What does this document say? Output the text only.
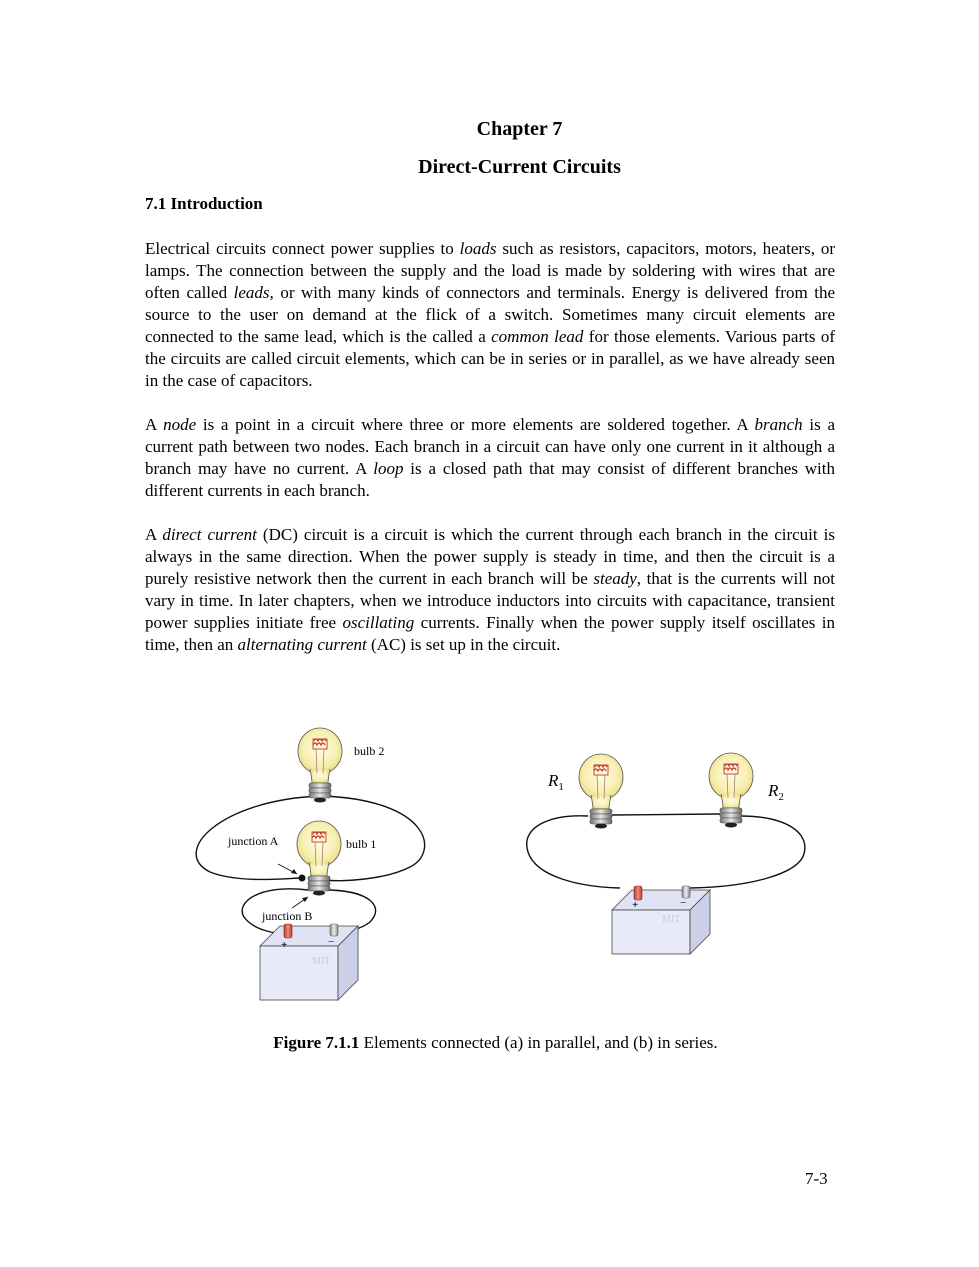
Chapter 7
Direct-Current Circuits
7.1 Introduction

Electrical circuits connect power supplies to loads such as resistors, capacitors, motors, heaters, or lamps. The connection between the supply and the load is made by soldering with wires that are often called leads, or with many kinds of connectors and terminals. Energy is delivered from the source to the user on demand at the flick of a switch. Sometimes many circuit elements are connected to the same lead, which is the called a common lead for those elements. Various parts of the circuits are called circuit elements, which can be in series or in parallel, as we have already seen in the case of capacitors.

A node is a point in a circuit where three or more elements are soldered together. A branch is a current path between two nodes. Each branch in a circuit can have only one current in it although a branch may have no current. A loop is a closed path that may consist of different branches with different currents in each branch.

A direct current (DC) circuit is a circuit is which the current through each branch in the circuit is always in the same direction. When the power supply is steady in time, and then the circuit is a purely resistive network then the current in each branch will be steady, that is the currents will not vary in time. In later chapters, when we introduce inductors into circuits with capacitance, transient power supplies initiate free oscillating currents. Finally when the power supply itself oscillates in time, then an alternating current (AC) is set up in the circuit.

bulb 2
bulb 1
junction A
junction B
+	−
MIT
$R_1$	$R_2$
+	−
MIT
Figure 7.1.1 Elements connected (a) in parallel, and (b) in series.
7-3
